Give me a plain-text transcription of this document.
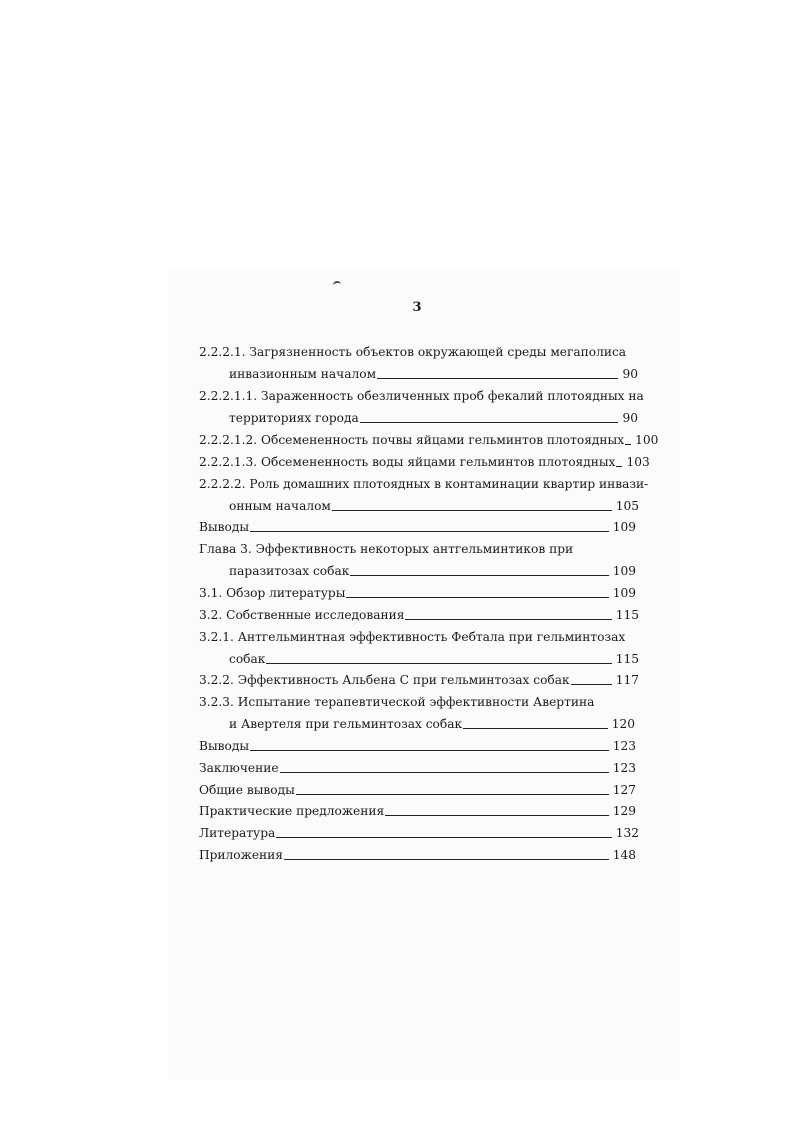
3
2.2.2.1. Загрязненность объектов окружающей среды мегаполиса
инвазионным началом	90
2.2.2.1.1. Зараженность обезличенных проб фекалий плотоядных на
территориях города	90
2.2.2.1.2. Обсемененность почвы яйцами гельминтов плотоядных 100
2.2.2.1.3. Обсемененность воды яйцами гельминтов плотоядных 103
2.2.2.2. Роль домашних плотоядных в контаминации квартир инвази-
онным началом	105
Выводы	109
Глава 3. Эффективность некоторых антгельминтиков при
паразитозах собак	109
3.1. Обзор литературы	109
3.2. Собственные исследования	115
3.2.1. Антгельминтная эффективность Фебтала при гельминтозах
собак	115
3.2.2. Эффективность Альбена С при гельминтозах собак	117
3.2.3. Испытание терапевтической эффективности Авертина
и Авертеля при гельминтозах собак	120
Выводы	123
Заключение	123
Общие выводы	127
Практические предложения	129
Литература	132
Приложения	148
